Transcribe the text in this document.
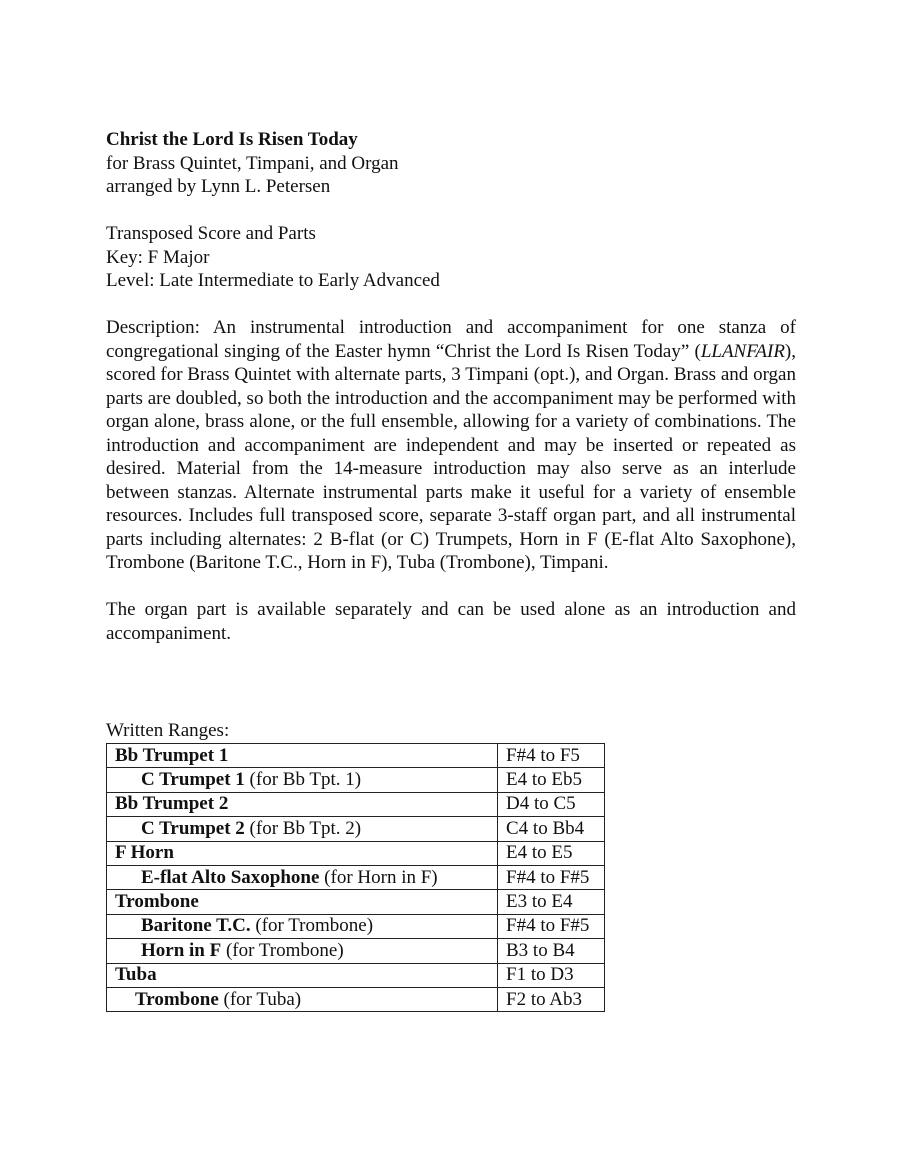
Christ the Lord Is Risen Today

for Brass Quintet, Timpani, and Organ

arranged by Lynn L. Petersen

Transposed Score and Parts

Key: F Major

Level: Late Intermediate to Early Advanced

Description: An instrumental introduction and accompaniment for one stanza of congregational singing of the Easter hymn “Christ the Lord Is Risen Today” (LLANFAIR), scored for Brass Quintet with alternate parts, 3 Timpani (opt.), and Organ. Brass and organ parts are doubled, so both the introduction and the accompaniment may be performed with organ alone, brass alone, or the full ensemble, allowing for a variety of combinations. The introduction and accompaniment are independent and may be inserted or repeated as desired. Material from the 14-measure introduction may also serve as an interlude between stanzas. Alternate instrumental parts make it useful for a variety of ensemble resources. Includes full transposed score, separate 3-staff organ part, and all instrumental parts including alternates: 2 B-flat (or C) Trumpets, Horn in F (E-flat Alto Saxophone), Trombone (Baritone T.C., Horn in F), Tuba (Trombone), Timpani.

The organ part is available separately and can be used alone as an introduction and accompaniment.

Written Ranges:
Bb Trumpet 1	F#4 to F5
C Trumpet 1 (for Bb Tpt. 1)	E4 to Eb5
Bb Trumpet 2	D4 to C5
C Trumpet 2 (for Bb Tpt. 2)	C4 to Bb4
F Horn	E4 to E5
E-flat Alto Saxophone (for Horn in F)	F#4 to F#5
Trombone	E3 to E4
Baritone T.C. (for Trombone)	F#4 to F#5
Horn in F (for Trombone)	B3 to B4
Tuba	F1 to D3
Trombone (for Tuba)	F2 to Ab3
